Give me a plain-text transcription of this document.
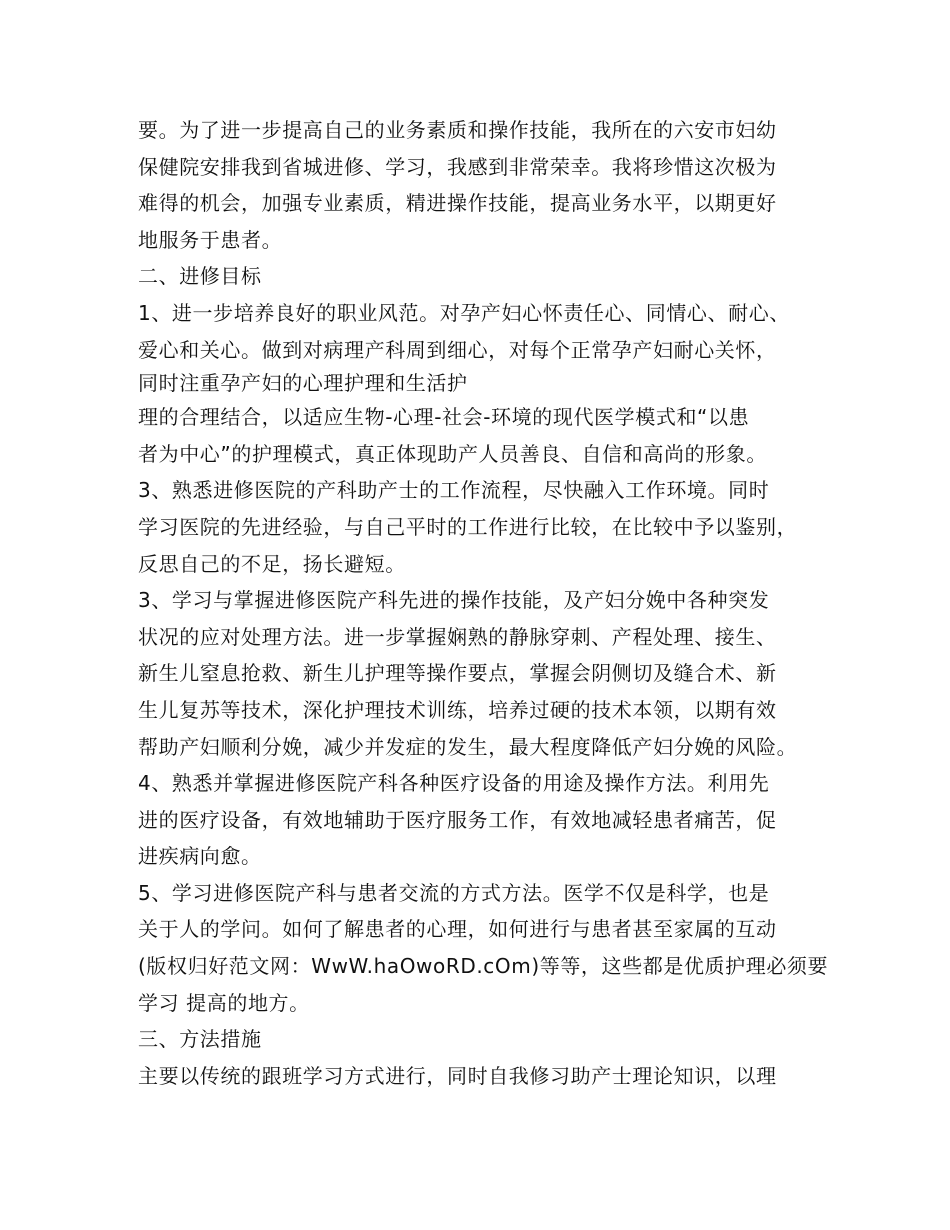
要。为了进一步提高自己的业务素质和操作技能，我所在的六安市妇幼
保健院安排我到省城进修、学习，我感到非常荣幸。我将珍惜这次极为
难得的机会，加强专业素质，精进操作技能，提高业务水平，以期更好
地服务于患者。
二、进修目标
1、进一步培养良好的职业风范。对孕产妇心怀责任心、同情心、耐心、
爱心和关心。做到对病理产科周到细心，对每个正常孕产妇耐心关怀，
同时注重孕产妇的心理护理和生活护
理的合理结合，以适应生物-心理-社会-环境的现代医学模式和“以患
者为中心”的护理模式，真正体现助产人员善良、自信和高尚的形象。
3、熟悉进修医院的产科助产士的工作流程，尽快融入工作环境。同时
学习医院的先进经验，与自己平时的工作进行比较，在比较中予以鉴别，
反思自己的不足，扬长避短。
3、学习与掌握进修医院产科先进的操作技能，及产妇分娩中各种突发
状况的应对处理方法。进一步掌握娴熟的静脉穿刺、产程处理、接生、
新生儿窒息抢救、新生儿护理等操作要点，掌握会阴侧切及缝合术、新
生儿复苏等技术，深化护理技术训练，培养过硬的技术本领，以期有效
帮助产妇顺利分娩，减少并发症的发生，最大程度降低产妇分娩的风险。
4、熟悉并掌握进修医院产科各种医疗设备的用途及操作方法。利用先
进的医疗设备，有效地辅助于医疗服务工作，有效地减轻患者痛苦，促
进疾病向愈。
5、学习进修医院产科与患者交流的方式方法。医学不仅是科学，也是
关于人的学问。如何了解患者的心理，如何进行与患者甚至家属的互动
(版权归好范文网：WwW.haOwoRD.cOm)等等，这些都是优质护理必须要
学习 提高的地方。
三、方法措施
主要以传统的跟班学习方式进行，同时自我修习助产士理论知识，以理
